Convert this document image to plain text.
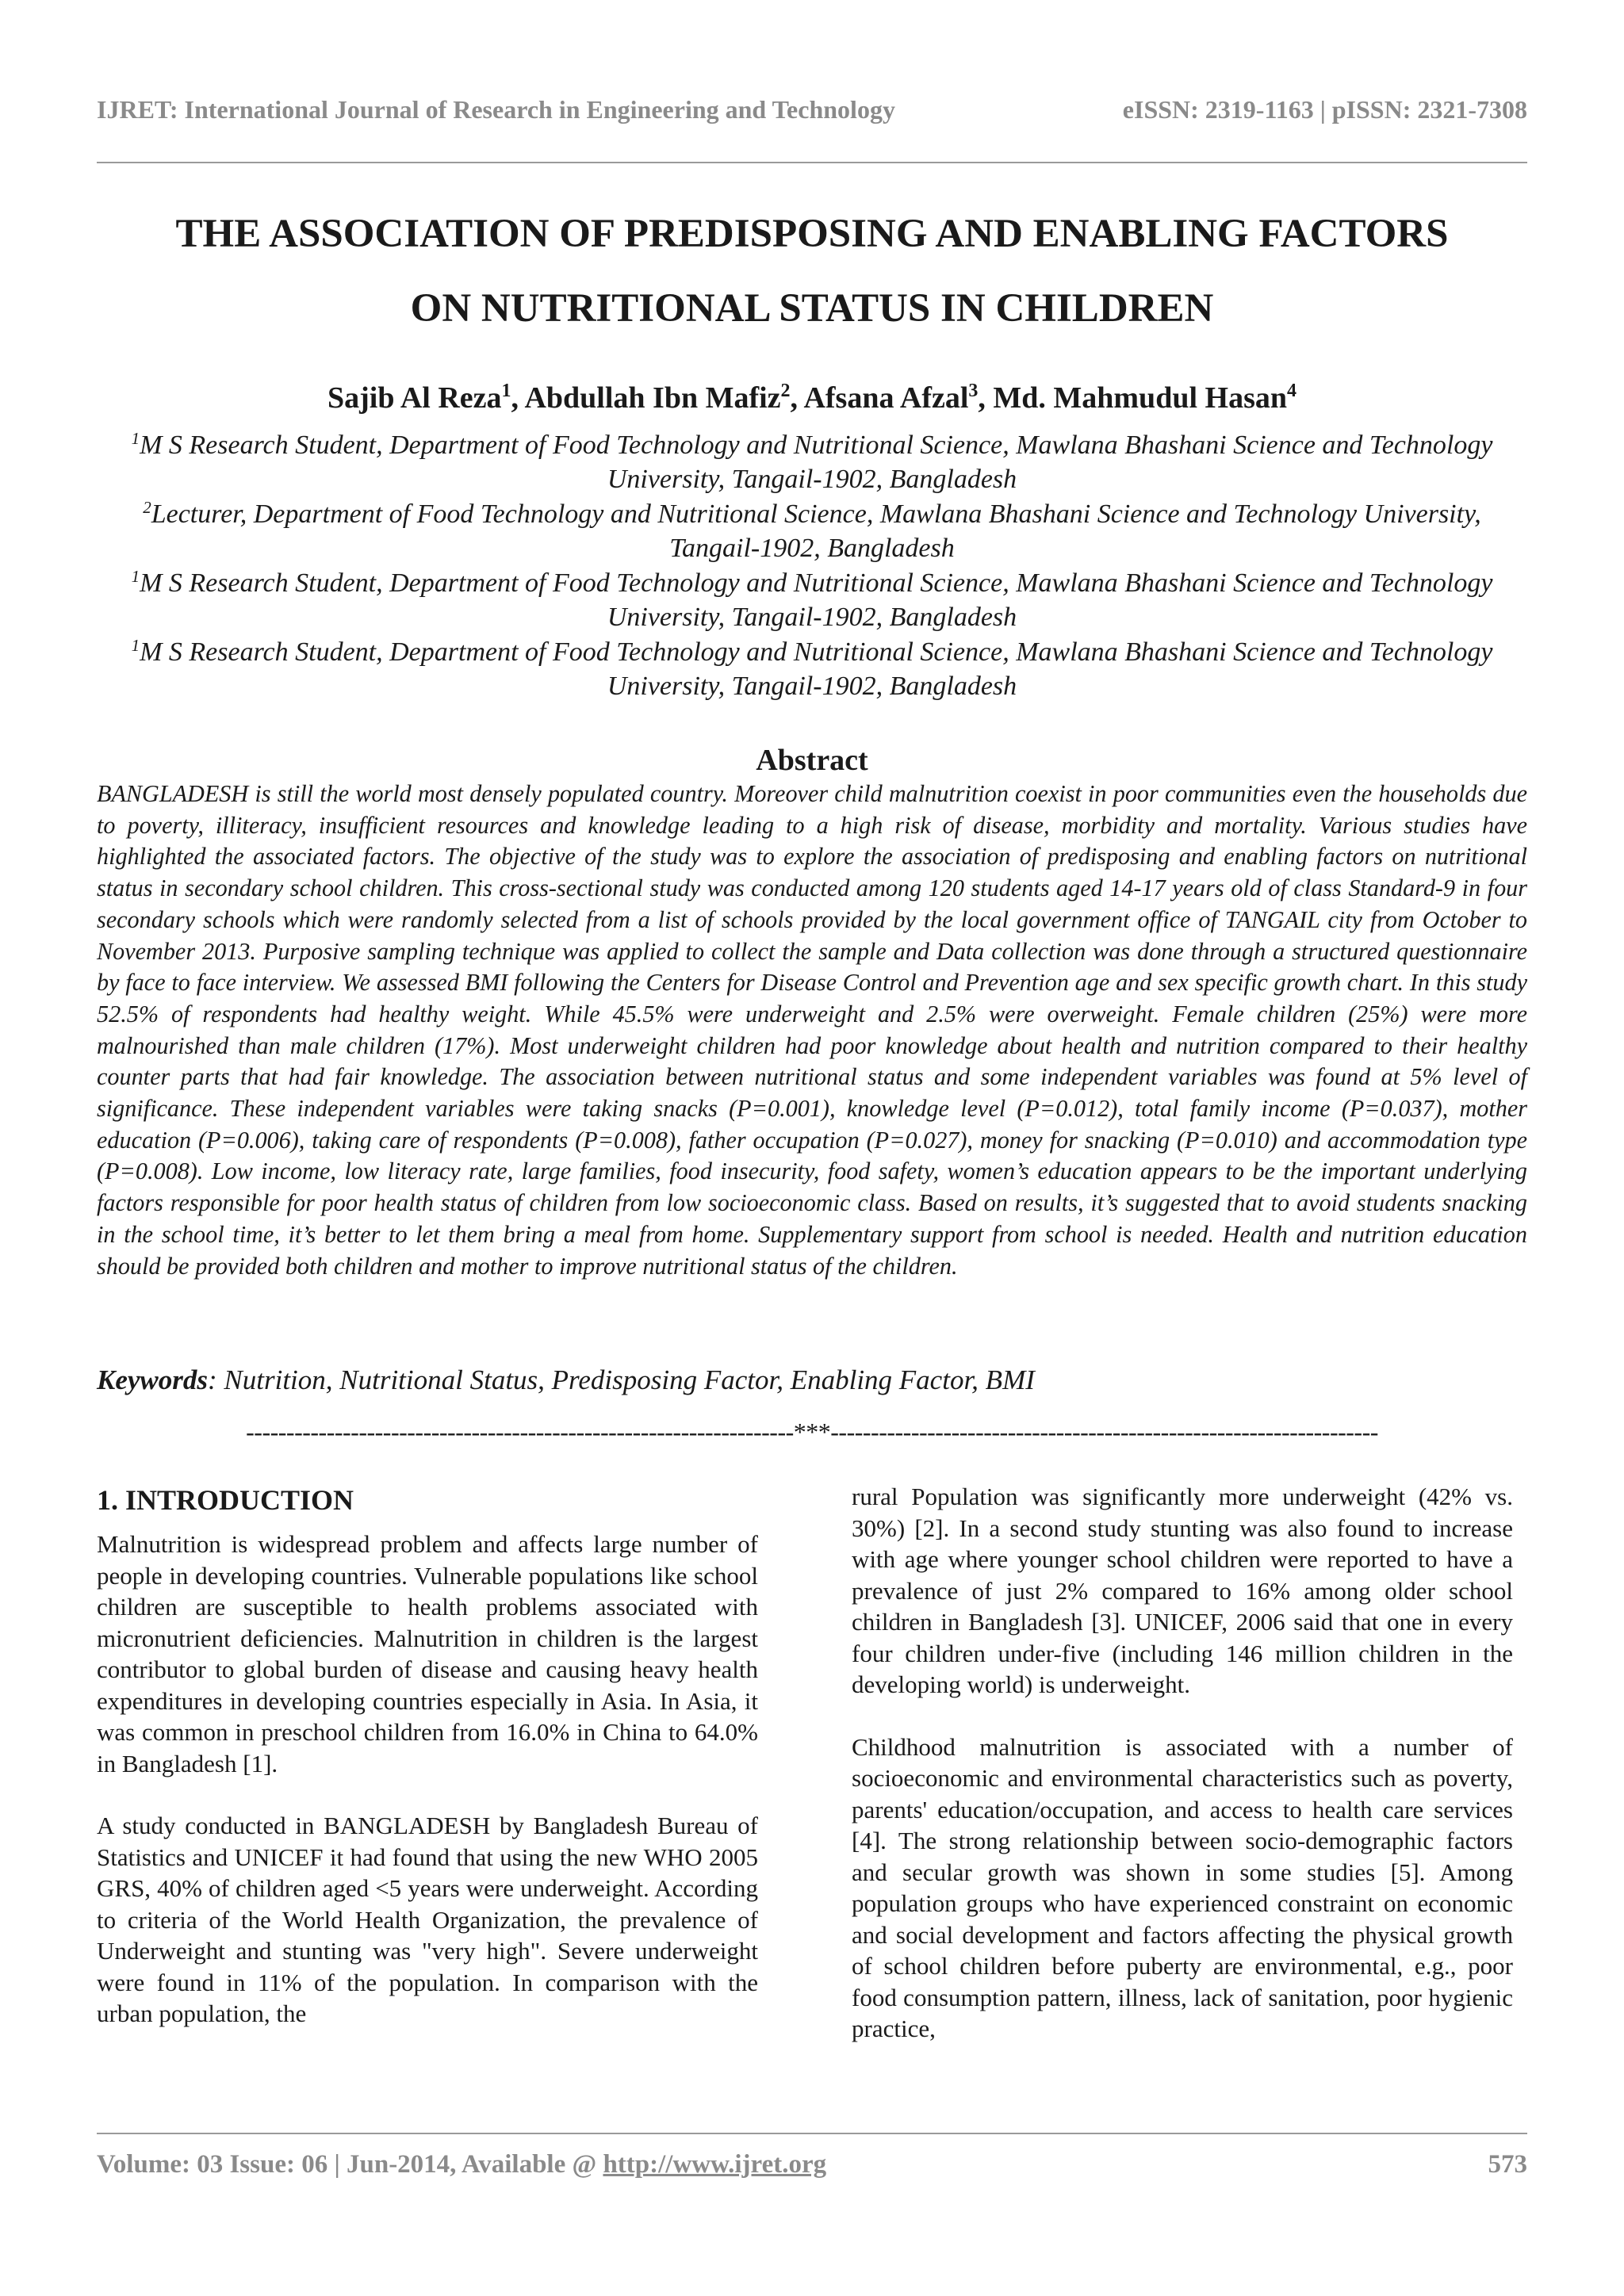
IJRET: International Journal of Research in Engineering and Technology	eISSN: 2319-1163 | pISSN: 2321-7308
THE ASSOCIATION OF PREDISPOSING AND ENABLING FACTORS
ON NUTRITIONAL STATUS IN CHILDREN
Sajib Al Reza$^1$, Abdullah Ibn Mafiz$^2$, Afsana Afzal$^3$, Md. Mahmudul Hasan$^4$
$^1$M S Research Student, Department of Food Technology and Nutritional Science, Mawlana Bhashani Science and Technology University, Tangail-1902, Bangladesh
$^2$Lecturer, Department of Food Technology and Nutritional Science, Mawlana Bhashani Science and Technology University, Tangail-1902, Bangladesh
$^1$M S Research Student, Department of Food Technology and Nutritional Science, Mawlana Bhashani Science and Technology University, Tangail-1902, Bangladesh
$^1$M S Research Student, Department of Food Technology and Nutritional Science, Mawlana Bhashani Science and Technology University, Tangail-1902, Bangladesh
Abstract
BANGLADESH is still the world most densely populated country. Moreover child malnutrition coexist in poor communities even the households due to poverty, illiteracy, insufficient resources and knowledge leading to a high risk of disease, morbidity and mortality. Various studies have highlighted the associated factors. The objective of the study was to explore the association of predisposing and enabling factors on nutritional status in secondary school children. This cross-sectional study was conducted among 120 students aged 14-17 years old of class Standard-9 in four secondary schools which were randomly selected from a list of schools provided by the local government office of TANGAIL city from October to November 2013. Purposive sampling technique was applied to collect the sample and Data collection was done through a structured questionnaire by face to face interview. We assessed BMI following the Centers for Disease Control and Prevention age and sex specific growth chart. In this study 52.5% of respondents had healthy weight. While 45.5% were underweight and 2.5% were overweight. Female children (25%) were more malnourished than male children (17%). Most underweight children had poor knowledge about health and nutrition compared to their healthy counter parts that had fair knowledge. The association between nutritional status and some independent variables was found at 5% level of significance. These independent variables were taking snacks (P=0.001), knowledge level (P=0.012), total family income (P=0.037), mother education (P=0.006), taking care of respondents (P=0.008), father occupation (P=0.027), money for snacking (P=0.010) and accommodation type (P=0.008). Low income, low literacy rate, large families, food insecurity, food safety, women’s education appears to be the important underlying factors responsible for poor health status of children from low socioeconomic class. Based on results, it’s suggested that to avoid students snacking in the school time, it’s better to let them bring a meal from home. Supplementary support from school is needed. Health and nutrition education should be provided both children and mother to improve nutritional status of the children.
Keywords: Nutrition, Nutritional Status, Predisposing Factor, Enabling Factor, BMI
--------------------------------------------------------------------***--------------------------------------------------------------------
1. INTRODUCTION

Malnutrition is widespread problem and affects large number of people in developing countries. Vulnerable populations like school children are susceptible to health problems associated with micronutrient deficiencies. Malnutrition in children is the largest contributor to global burden of disease and causing heavy health expenditures in developing countries especially in Asia. In Asia, it was common in preschool children from 16.0% in China to 64.0% in Bangladesh [1].

A study conducted in BANGLADESH by Bangladesh Bureau of Statistics and UNICEF it had found that using the new WHO 2005 GRS, 40% of children aged <5 years were underweight. According to criteria of the World Health Organization, the prevalence of Underweight and stunting was "very high". Severe underweight were found in 11% of the population. In comparison with the urban population, the

rural Population was significantly more underweight (42% vs. 30%) [2]. In a second study stunting was also found to increase with age where younger school children were reported to have a prevalence of just 2% compared to 16% among older school children in Bangladesh [3]. UNICEF, 2006 said that one in every four children under-five (including 146 million children in the developing world) is underweight.

Childhood malnutrition is associated with a number of socioeconomic and environmental characteristics such as poverty, parents' education/occupation, and access to health care services [4]. The strong relationship between socio-demographic factors and secular growth was shown in some studies [5]. Among population groups who have experienced constraint on economic and social development and factors affecting the physical growth of school children before puberty are environmental, e.g., poor food consumption pattern, illness, lack of sanitation, poor hygienic practice,

Volume: 03 Issue: 06 | Jun-2014, Available @ http://www.ijret.org	573
